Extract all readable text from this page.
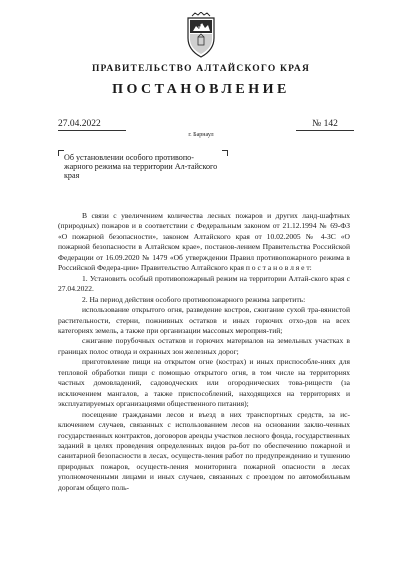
ПРАВИТЕЛЬСТВО АЛТАЙСКОГО КРАЯ
ПОСТАНОВЛЕНИЕ
27.04.2022	№ 142
г. Барнаул
Об установлении особого противопо-жарного режима на территории Ал-тайского края

В связи с увеличением количества лесных пожаров и других ланд-шафтных (природных) пожаров и в соответствии с Федеральным законом от 21.12.1994 № 69-ФЗ «О пожарной безопасности», законом Алтайского края от 10.02.2005 № 4-ЗС «О пожарной безопасности в Алтайском крае», постанов-лением Правительства Российской Федерации от 16.09.2020 № 1479 «Об утверждении Правил противопожарного режима в Российской Федера-ции» Правительство Алтайского края п о с т а н о в л я е т:

1. Установить особый противопожарный режим на территории Алтай-ского края с 27.04.2022.

2. На период действия особого противопожарного режима запретить:

использование открытого огня, разведение костров, сжигание сухой тра-вянистой растительности, стерни, пожнивных остатков и иных горючих отхо-дов на всех категориях земель, а также при организации массовых мероприя-тий;

сжигание порубочных остатков и горючих материалов на земельных участках в границах полос отвода и охранных зон железных дорог;

приготовление пищи на открытом огне (кострах) и иных приспособле-ниях для тепловой обработки пищи с помощью открытого огня, в том числе на территориях частных домовладений, садоводческих или огороднических това-риществ (за исключением мангалов, а также приспособлений, находящихся на территориях и эксплуатируемых организациями общественного питания);

посещение гражданами лесов и въезд в них транспортных средств, за ис-ключением случаев, связанных с использованием лесов на основании заклю-ченных государственных контрактов, договоров аренды участков лесного фонда, государственных заданий в целях проведения определенных видов ра-бот по обеспечению пожарной и санитарной безопасности в лесах, осуществ-ления работ по предупреждению и тушению природных пожаров, осуществ-ления мониторинга пожарной опасности в лесах уполномоченными лицами и иных случаев, связанных с проездом по автомобильным дорогам общего поль-
